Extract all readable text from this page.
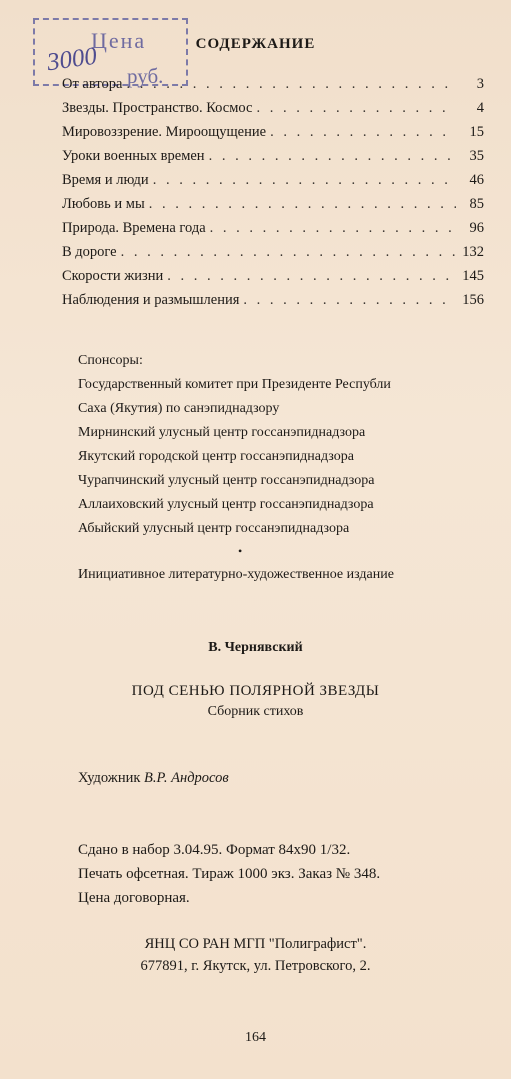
Цена
3000 руб.
СОДЕРЖАНИЕ
От автора . . .	3
Звезды. Пространство. Космос . . .	4
Мировоззрение. Мироощущение . . .	15
Уроки военных времен . . .	35
Время и люди . . .	46
Любовь и мы . . .	85
Природа. Времена года . . .	96
В дороге . . .	132
Скорости жизни . . .	145
Наблюдения и размышления . . .	156
Спонсоры:
Государственный комитет при Президенте Республи
Саха (Якутия) по санэпиднадзору
Мирнинский улусный центр госсанэпиднадзора
Якутский городской центр госсанэпиднадзора
Чурапчинский улусный центр госсанэпиднадзора
Аллаиховский улусный центр госсанэпиднадзора
Абыйский улусный центр госсанэпиднадзора
•
Инициативное литературно-художественное издание
В. Чернявский
ПОД СЕНЬЮ ПОЛЯРНОЙ ЗВЕЗДЫ
Сборник стихов
Художник В.Р. Андросов
Сдано в набор 3.04.95. Формат 84х90 1/32.
Печать офсетная. Тираж 1000 экз. Заказ № 348.
Цена договорная.
ЯНЦ СО РАН МГП "Полиграфист".
677891, г. Якутск, ул. Петровского, 2.
164
